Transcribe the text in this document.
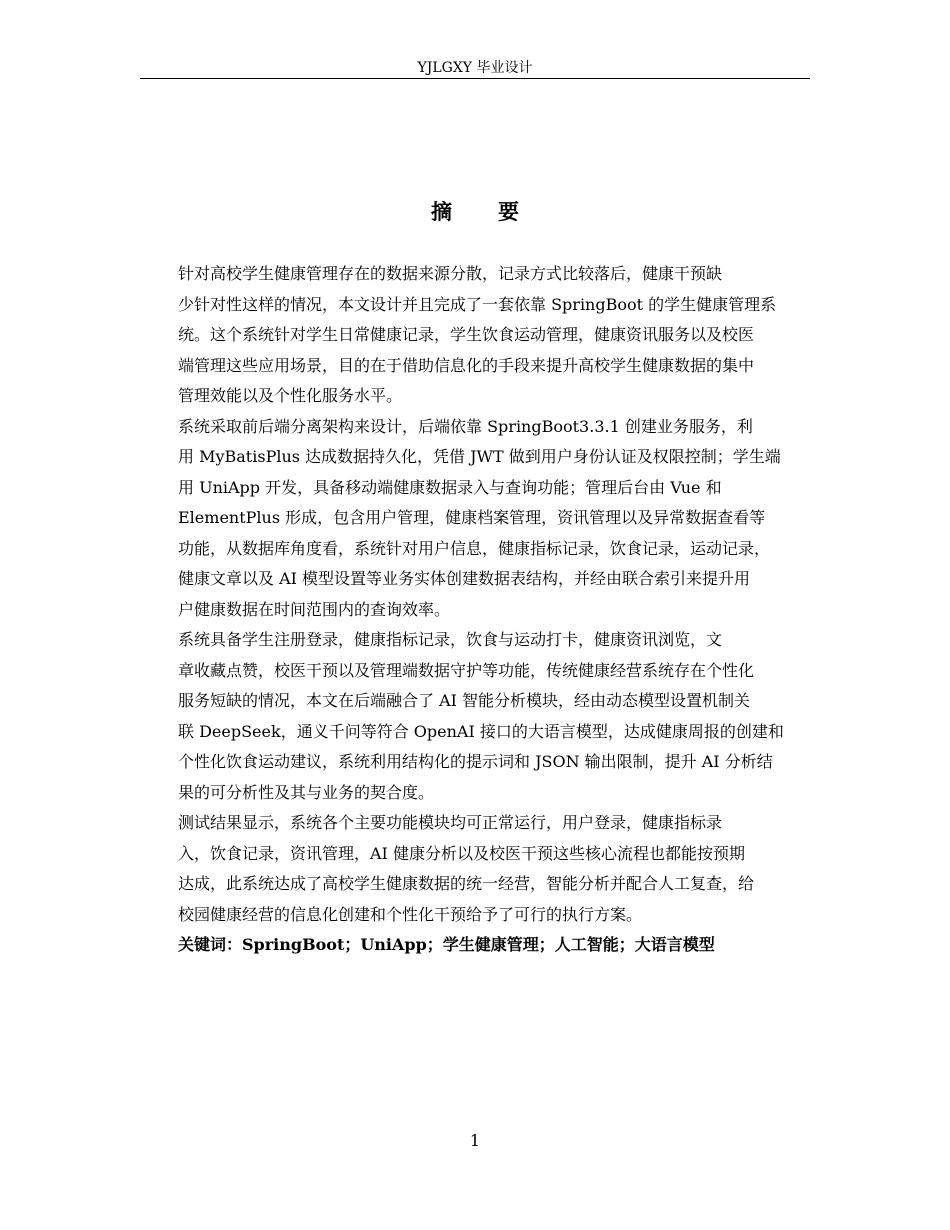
YJLGXY 毕业设计
摘 要

针对高校学生健康管理存在的数据来源分散，记录方式比较落后，健康干预缺
少针对性这样的情况，本文设计并且完成了一套依靠 SpringBoot 的学生健康管理系
统。这个系统针对学生日常健康记录，学生饮食运动管理，健康资讯服务以及校医
端管理这些应用场景，目的在于借助信息化的手段来提升高校学生健康数据的集中
管理效能以及个性化服务水平。

系统采取前后端分离架构来设计，后端依靠 SpringBoot3.3.1 创建业务服务，利
用 MyBatisPlus 达成数据持久化，凭借 JWT 做到用户身份认证及权限控制；学生端
用 UniApp 开发，具备移动端健康数据录入与查询功能；管理后台由 Vue 和
ElementPlus 形成，包含用户管理，健康档案管理，资讯管理以及异常数据查看等
功能，从数据库角度看，系统针对用户信息，健康指标记录，饮食记录，运动记录，
健康文章以及 AI 模型设置等业务实体创建数据表结构，并经由联合索引来提升用
户健康数据在时间范围内的查询效率。

系统具备学生注册登录，健康指标记录，饮食与运动打卡，健康资讯浏览，文
章收藏点赞，校医干预以及管理端数据守护等功能，传统健康经营系统存在个性化
服务短缺的情况，本文在后端融合了 AI 智能分析模块，经由动态模型设置机制关
联 DeepSeek，通义千问等符合 OpenAI 接口的大语言模型，达成健康周报的创建和
个性化饮食运动建议，系统利用结构化的提示词和 JSON 输出限制，提升 AI 分析结
果的可分析性及其与业务的契合度。

测试结果显示，系统各个主要功能模块均可正常运行，用户登录，健康指标录
入，饮食记录，资讯管理，AI 健康分析以及校医干预这些核心流程也都能按预期
达成，此系统达成了高校学生健康数据的统一经营，智能分析并配合人工复查，给
校园健康经营的信息化创建和个性化干预给予了可行的执行方案。

关键词：SpringBoot；UniApp；学生健康管理；人工智能；大语言模型

1
